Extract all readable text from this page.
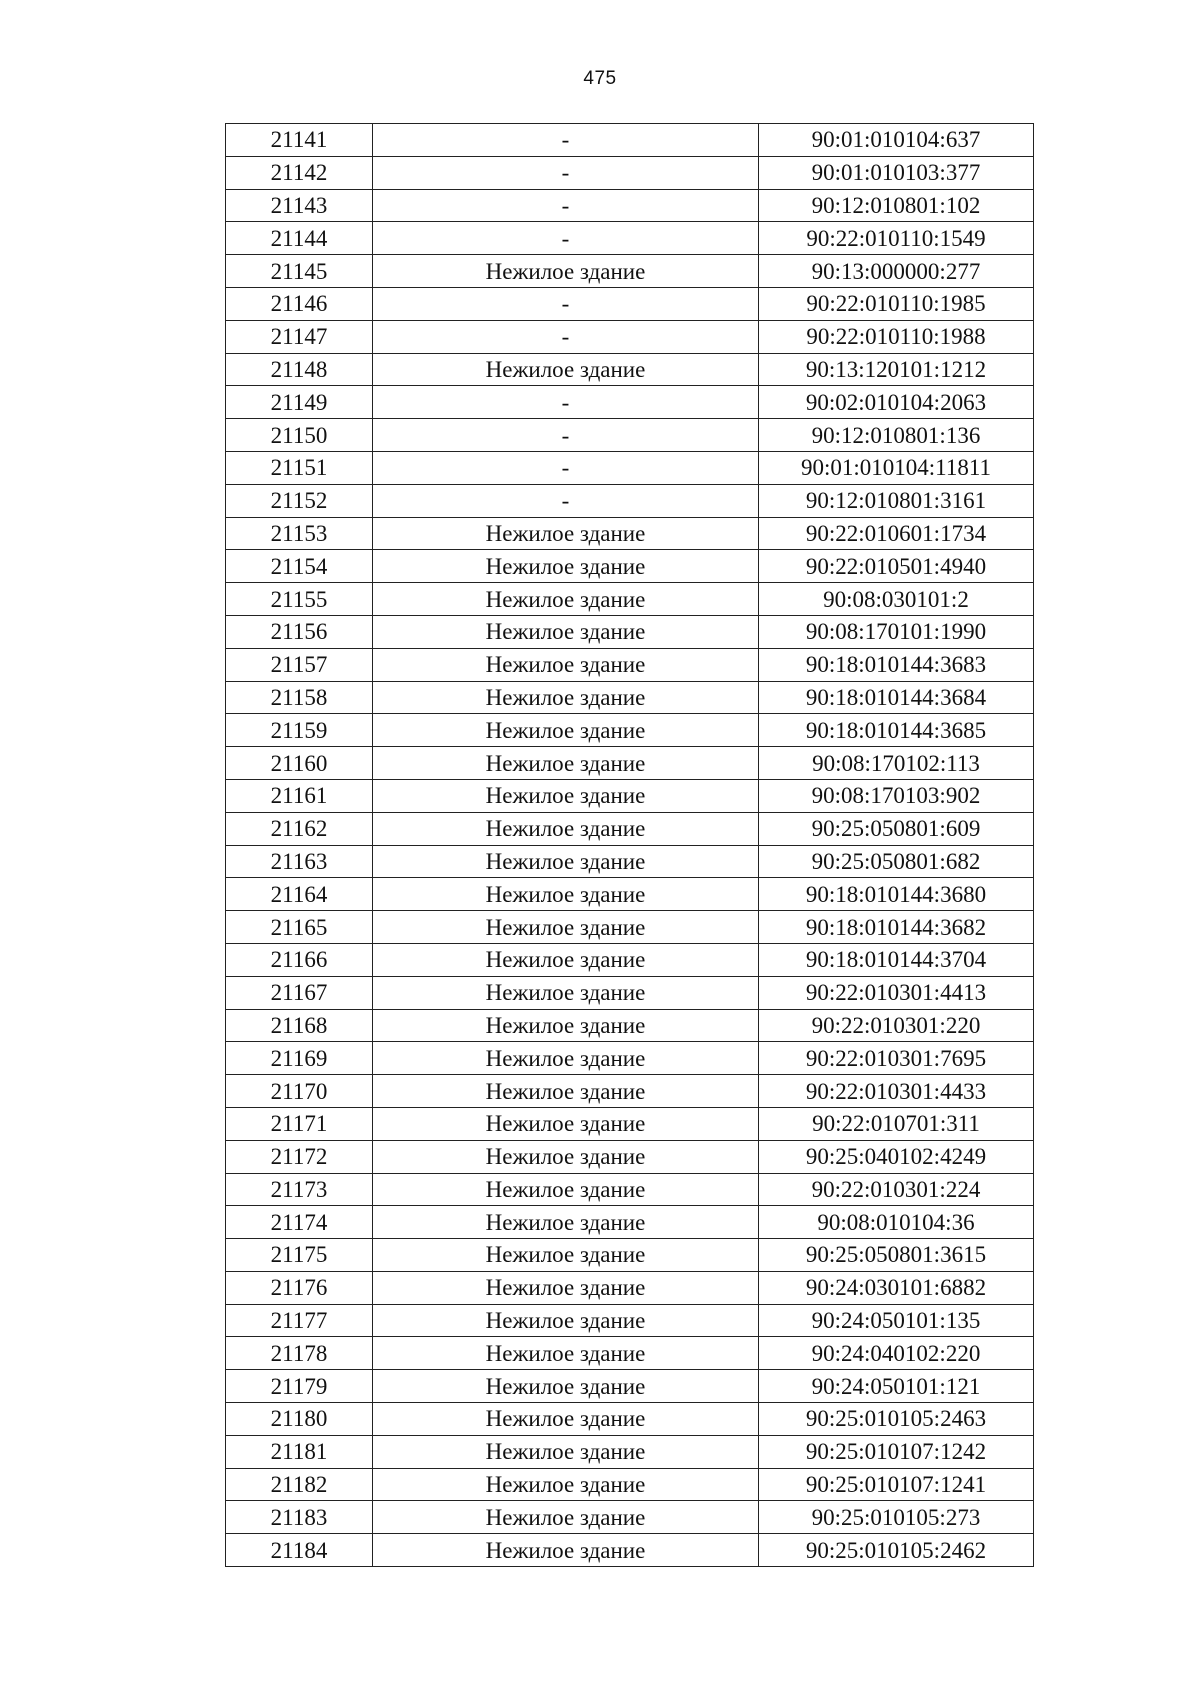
475
21141	-	90:01:010104:637
21142	-	90:01:010103:377
21143	-	90:12:010801:102
21144	-	90:22:010110:1549
21145	Нежилое здание	90:13:000000:277
21146	-	90:22:010110:1985
21147	-	90:22:010110:1988
21148	Нежилое здание	90:13:120101:1212
21149	-	90:02:010104:2063
21150	-	90:12:010801:136
21151	-	90:01:010104:11811
21152	-	90:12:010801:3161
21153	Нежилое здание	90:22:010601:1734
21154	Нежилое здание	90:22:010501:4940
21155	Нежилое здание	90:08:030101:2
21156	Нежилое здание	90:08:170101:1990
21157	Нежилое здание	90:18:010144:3683
21158	Нежилое здание	90:18:010144:3684
21159	Нежилое здание	90:18:010144:3685
21160	Нежилое здание	90:08:170102:113
21161	Нежилое здание	90:08:170103:902
21162	Нежилое здание	90:25:050801:609
21163	Нежилое здание	90:25:050801:682
21164	Нежилое здание	90:18:010144:3680
21165	Нежилое здание	90:18:010144:3682
21166	Нежилое здание	90:18:010144:3704
21167	Нежилое здание	90:22:010301:4413
21168	Нежилое здание	90:22:010301:220
21169	Нежилое здание	90:22:010301:7695
21170	Нежилое здание	90:22:010301:4433
21171	Нежилое здание	90:22:010701:311
21172	Нежилое здание	90:25:040102:4249
21173	Нежилое здание	90:22:010301:224
21174	Нежилое здание	90:08:010104:36
21175	Нежилое здание	90:25:050801:3615
21176	Нежилое здание	90:24:030101:6882
21177	Нежилое здание	90:24:050101:135
21178	Нежилое здание	90:24:040102:220
21179	Нежилое здание	90:24:050101:121
21180	Нежилое здание	90:25:010105:2463
21181	Нежилое здание	90:25:010107:1242
21182	Нежилое здание	90:25:010107:1241
21183	Нежилое здание	90:25:010105:273
21184	Нежилое здание	90:25:010105:2462
